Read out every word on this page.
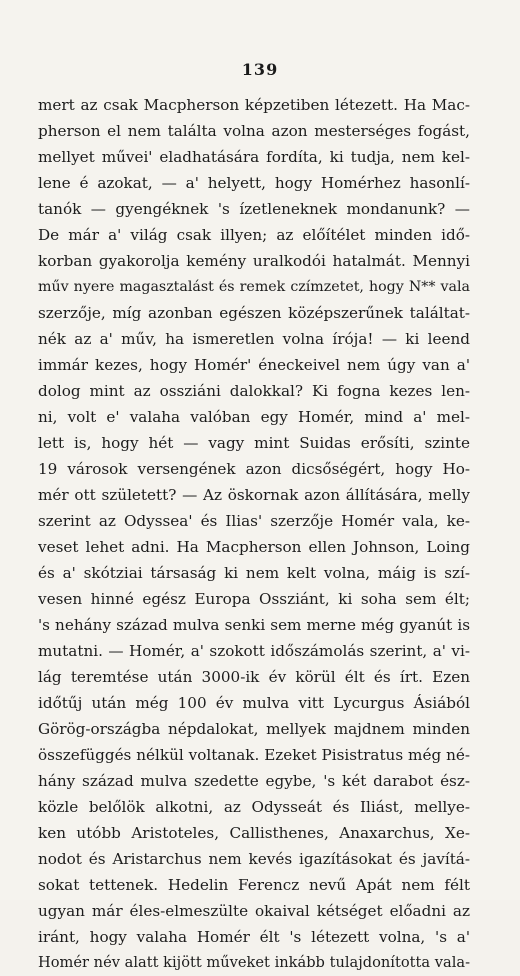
139
mert az csak Macpherson képzetiben létezett. Ha Mac-
pherson el nem találta volna azon mesterséges fogást,
mellyet művei' eladhatására fordíta, ki tudja, nem kel-
lene é azokat, — a' helyett, hogy Homérhez hasonlí-
tanók — gyengéknek 's ízetleneknek mondanunk? —
De már a' világ csak illyen; az előítélet minden idő-
korban gyakorolja kemény uralkodói hatalmát. Mennyi
műv nyere magasztalást és remek czímzetet, hogy N** vala
szerzője, míg azonban egészen középszerűnek találtat-
nék az a' műv, ha ismeretlen volna írója! — ki leend
immár kezes, hogy Homér' éneckeivel nem úgy van a'
dolog mint az ossziáni dalokkal? Ki fogna kezes len-
ni, volt e' valaha valóban egy Homér, mind a' mel-
lett is, hogy hét — vagy mint Suidas erősíti, szinte
19 városok versengének azon dicsőségért, hogy Ho-
mér ott született? — Az öskornak azon állítására, melly
szerint az Odyssea' és Ilias' szerzője Homér vala, ke-
veset lehet adni. Ha Macpherson ellen Johnson, Loing
és a' skótziai társaság ki nem kelt volna, máig is szí-
vesen hinné egész Europa Ossziánt, ki soha sem élt;
's nehány század mulva senki sem merne még gyanút is
mutatni. — Homér, a' szokott időszámolás szerint, a' vi-
lág teremtése után 3000-ik év körül élt és írt. Ezen
időtűj után még 100 év mulva vitt Lycurgus Ásiából
Görög-országba népdalokat, mellyek majdnem minden
összefüggés nélkül voltanak. Ezeket Pisistratus még né-
hány század mulva szedette egybe, 's két darabot ész-
közle belőlök alkotni, az Odysseát és Iliást, mellye-
ken utóbb Aristoteles, Callisthenes, Anaxarchus, Xe-
nodot és Aristarchus nem kevés igazításokat és javítá-
sokat tettenek. Hedelin Ferencz nevű Apát nem félt
ugyan már éles-elmeszülte okaival kétséget előadni az
iránt, hogy valaha Homér élt 's létezett volna, 's a'
Homér név alatt kijött műveket inkább tulajdonította vala-
